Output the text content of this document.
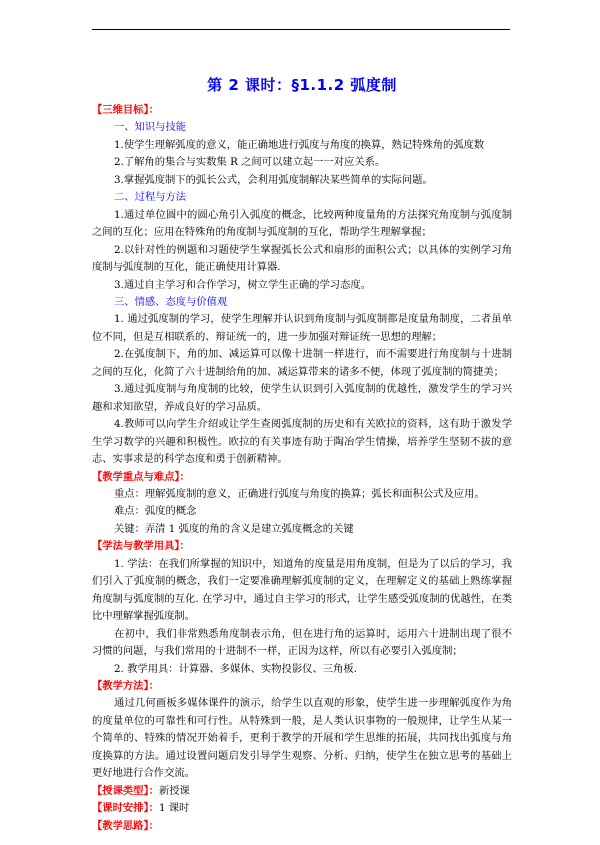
第 2 课时：§1.1.2 弧度制
【三维目标】：
一、知识与技能
1.使学生理解弧度的意义，能正确地进行弧度与角度的换算，熟记特殊角的弧度数
2.了解角的集合与实数集 R 之间可以建立起一一对应关系。
3.掌握弧度制下的弧长公式，会利用弧度制解决某些简单的实际问题。
二、过程与方法
1.通过单位圆中的圆心角引入弧度的概念，比较两种度量角的方法探究角度制与弧度制之间的互化；应用在特殊角的角度制与弧度制的互化，帮助学生理解掌握；
2.以针对性的例题和习题使学生掌握弧长公式和扇形的面积公式；以具体的实例学习角度制与弧度制的互化，能正确使用计算器.
3.通过自主学习和合作学习，树立学生正确的学习态度。
三、情感、态度与价值观
1. 通过弧度制的学习，使学生理解并认识到角度制与弧度制都是度量角制度，二者虽单位不同，但是互相联系的、辩证统一的，进一步加强对辩证统一思想的理解；
2.在弧度制下，角的加、减运算可以像十进制一样进行，而不需要进行角度制与十进制之间的互化，化简了六十进制给角的加、减运算带来的诸多不便，体现了弧度制的简捷美；
3.通过弧度制与角度制的比较，使学生认识到引入弧度制的优越性，激发学生的学习兴趣和求知欲望，养成良好的学习品质。
4.教师可以向学生介绍或让学生查阅弧度制的历史和有关欧拉的资料，这有助于激发学生学习数学的兴趣和积极性。欧拉的有关事迹有助于陶冶学生情操，培养学生坚韧不拔的意志、实事求是的科学态度和勇于创新精神。
【教学重点与难点】：
重点：理解弧度制的意义，正确进行弧度与角度的换算；弧长和面积公式及应用。
难点：弧度的概念
关键：弄清 1 弧度的角的含义是建立弧度概念的关键
【学法与教学用具】：
1. 学法：在我们所掌握的知识中，知道角的度量是用角度制，但是为了以后的学习，我们引入了弧度制的概念，我们一定要准确理解弧度制的定义，在理解定义的基础上熟练掌握角度制与弧度制的互化. 在学习中，通过自主学习的形式，让学生感受弧度制的优越性，在类比中理解掌握弧度制。
在初中，我们非常熟悉角度制表示角，但在进行角的运算时，运用六十进制出现了很不习惯的问题，与我们常用的十进制不一样，正因为这样，所以有必要引入弧度制；
2. 教学用具：计算器、多媒体、实物投影仪、三角板.
【教学方法】：
通过几何画板多媒体课件的演示，给学生以直观的形象，使学生进一步理解弧度作为角的度量单位的可靠性和可行性。从特殊到一般，是人类认识事物的一般规律，让学生从某一个简单的、特殊的情况开始着手，更利于教学的开展和学生思维的拓展，共同找出弧度与角度换算的方法。通过设置问题启发引导学生观察、分析、归纳，使学生在独立思考的基础上更好地进行合作交流。
【授课类型】：新授课
【课时安排】：1 课时
【教学思路】：
